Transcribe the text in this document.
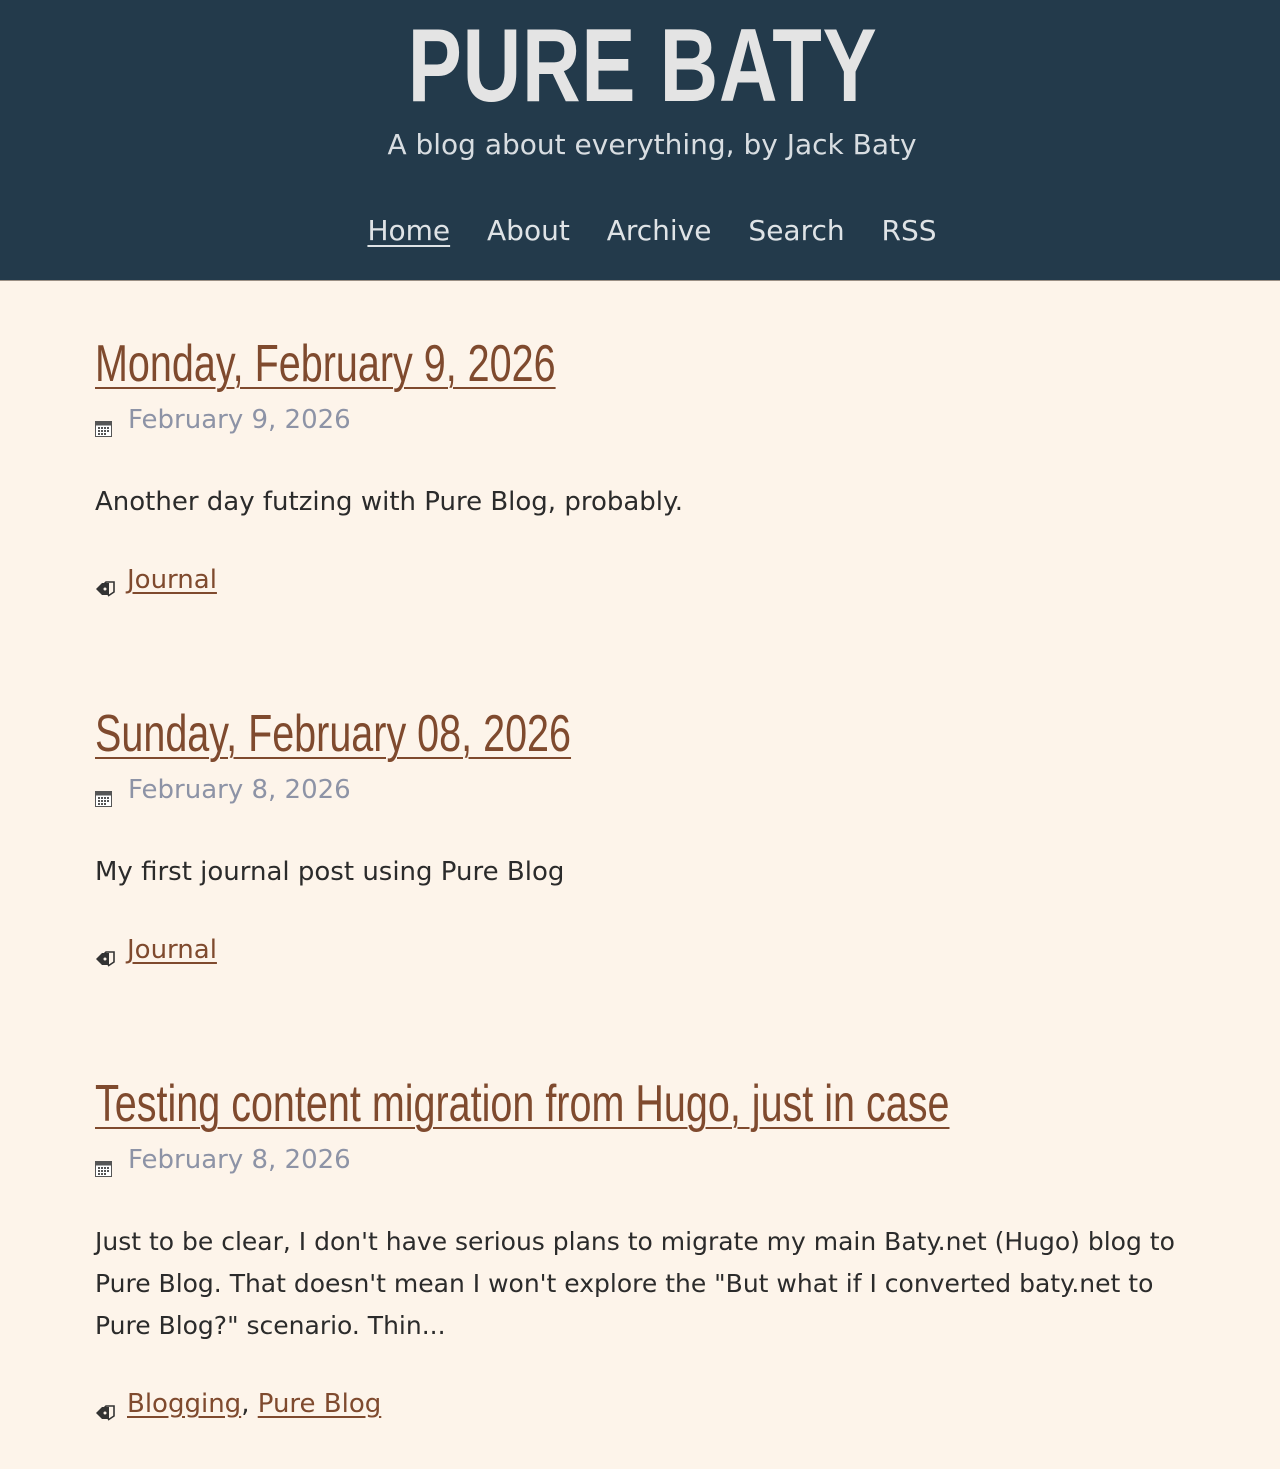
PURE BATY

A blog about everything, by Jack Baty

Home About Archive Search RSS
Monday, February 9, 2026
February 9, 2026

Another day futzing with Pure Blog, probably.

Journal
Sunday, February 08, 2026
February 8, 2026

My first journal post using Pure Blog

Journal
Testing content migration from Hugo, just in case
February 8, 2026

Just to be clear, I don't have serious plans to migrate my main Baty.net (Hugo) blog to Pure Blog. That doesn't mean I won't explore the "But what if I converted baty.net to Pure Blog?" scenario. Thin...

Blogging , Pure Blog
